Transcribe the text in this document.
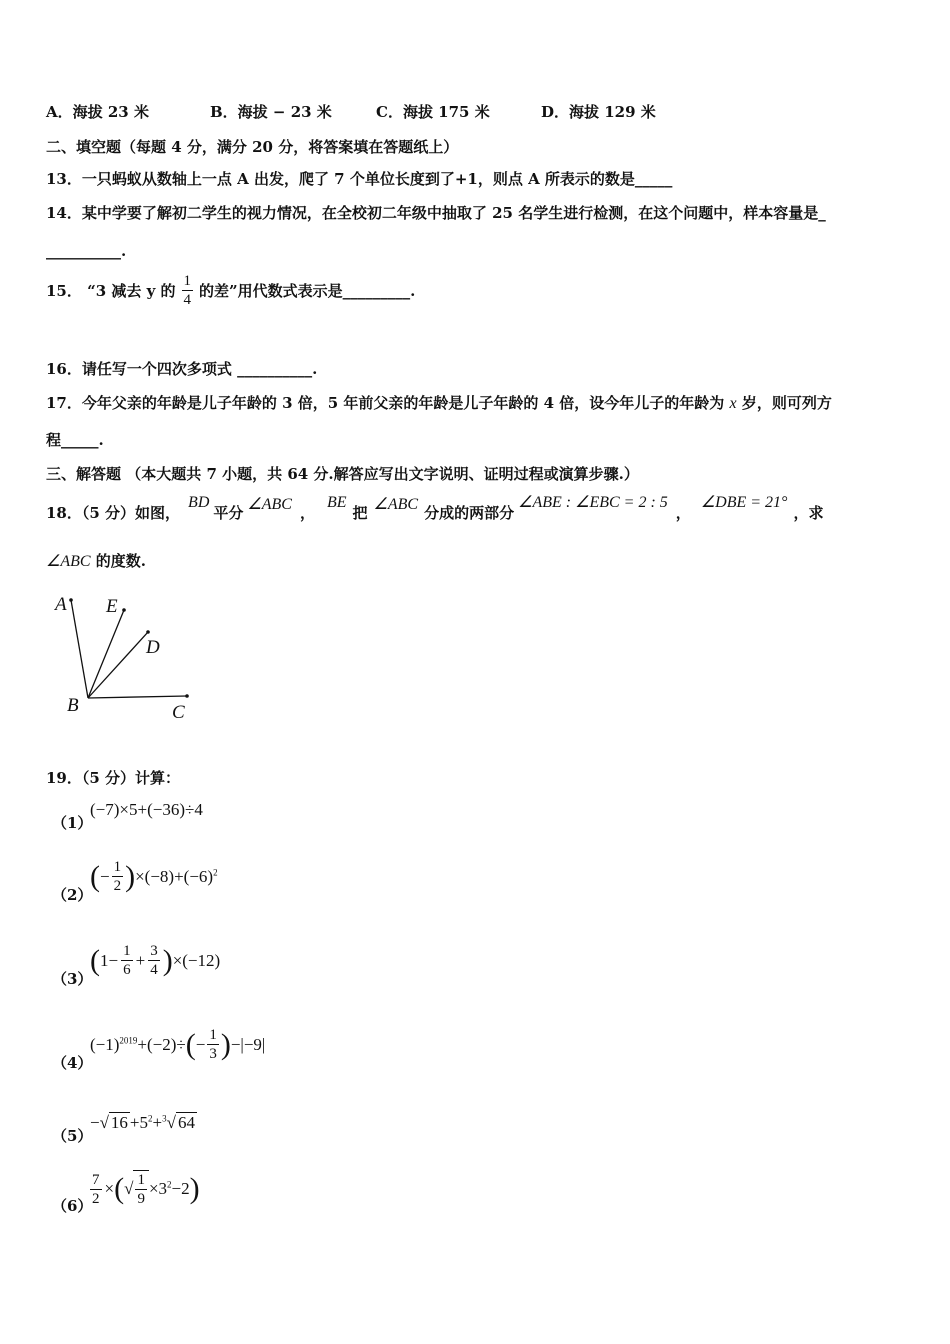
A．海拔 23 米	B．海拔 − 23 米	C．海拔 175 米	D．海拔 129 米
二、填空题（每题 4 分，满分 20 分，将答案填在答题纸上）
13．一只蚂蚁从数轴上一点 A 出发，爬了 7 个单位长度到了+1，则点 A 所表示的数是_____
14．某中学要了解初二学生的视力情况，在全校初二年级中抽取了 25 名学生进行检测，在这个问题中，样本容量是_
__________.
15． “3 减去 y 的 $\frac{1}{4}$ 的差”用代数式表示是_________.
16．请任写一个四次多项式 __________.
17．今年父亲的年龄是儿子年龄的 3 倍，5 年前父亲的年龄是儿子年龄的 4 倍，设今年儿子的年龄为 x 岁，则可列方
程_____.
三、解答题 （本大题共 7 小题，共 64 分.解答应写出文字说明、证明过程或演算步骤.）
18．（5 分）如图，
BD
平分 ∠ABC ，
BE
把 ∠ABC 分成的两部分
∠ABE : ∠EBC = 2 : 5
，
∠DBE = 21°
，求
∠ABC 的度数.
A E
D
B	C
19．（5 分）计算：
（1）
(−7)×5+(−36)÷4
（2）
( − $\frac{1}{2}$ ) $\times(-8)+(-6)^2$
（3）
( $1- \frac{1}{6} + \frac{3}{4}$ ) ×(−12)
（4）
$(-1)^{2019}+(-2)\div$ ( − $\frac{1}{3}$ ) −|−9|
（5）
−√ $16 +5^2+^3√$ 64
（6）
$\frac{7}{2}$ × ( √ $\frac{1}{9} \times 3^2-2$ )
